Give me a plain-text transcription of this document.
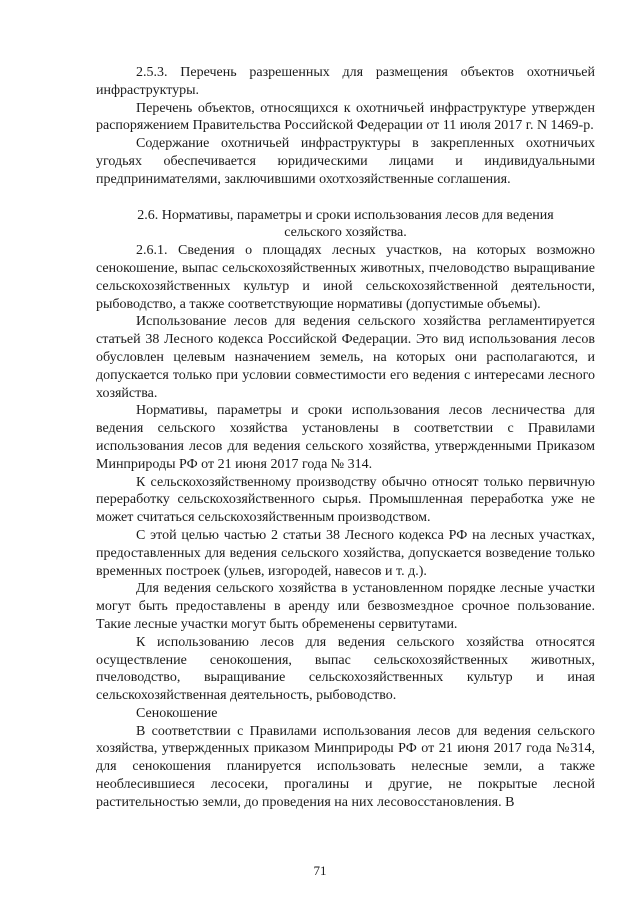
2.5.3. Перечень разрешенных для размещения объектов охотничьей инфраструктуры.

Перечень объектов, относящихся к охотничьей инфраструктуре утвержден распоряжением Правительства Российской Федерации от 11 июля 2017 г. N 1469-р.

Содержание охотничьей инфраструктуры в закрепленных охотничьих угодьях обеспечивается юридическими лицами и индивидуальными предпринимателями, заключившими охотхозяйственные соглашения.

2.6. Нормативы, параметры и сроки использования лесов для ведения сельского хозяйства.

2.6.1. Сведения о площадях лесных участков, на которых возможно сенокошение, выпас сельскохозяйственных животных, пчеловодство выращивание сельскохозяйственных культур и иной сельскохозяйственной деятельности, рыбоводство, а также соответствующие нормативы (допустимые объемы).

Использование лесов для ведения сельского хозяйства регламентируется статьей 38 Лесного кодекса Российской Федерации. Это вид использования лесов обусловлен целевым назначением земель, на которых они располагаются, и допускается только при условии совместимости его ведения с интересами лесного хозяйства.

Нормативы, параметры и сроки использования лесов лесничества для ведения сельского хозяйства установлены в соответствии с Правилами использования лесов для ведения сельского хозяйства, утвержденными Приказом Минприроды РФ от 21 июня 2017 года № 314.

К сельскохозяйственному производству обычно относят только первичную переработку сельскохозяйственного сырья. Промышленная переработка уже не может считаться сельскохозяйственным производством.

С этой целью частью 2 статьи 38 Лесного кодекса РФ на лесных участках, предоставленных для ведения сельского хозяйства, допускается возведение только временных построек (ульев, изгородей, навесов и т. д.).

Для ведения сельского хозяйства в установленном порядке лесные участки могут быть предоставлены в аренду или безвозмездное срочное пользование. Такие лесные участки могут быть обременены сервитутами.

К использованию лесов для ведения сельского хозяйства относятся осуществление сенокошения, выпас сельскохозяйственных животных, пчеловодство, выращивание сельскохозяйственных культур и иная сельскохозяйственная деятельность, рыбоводство.

Сенокошение

В соответствии с Правилами использования лесов для ведения сельского хозяйства, утвержденных приказом Минприроды РФ от 21 июня 2017 года №314, для сенокошения планируется использовать нелесные земли, а также необлесившиеся лесосеки, прогалины и другие, не покрытые лесной растительностью земли, до проведения на них лесовосстановления. В

71
